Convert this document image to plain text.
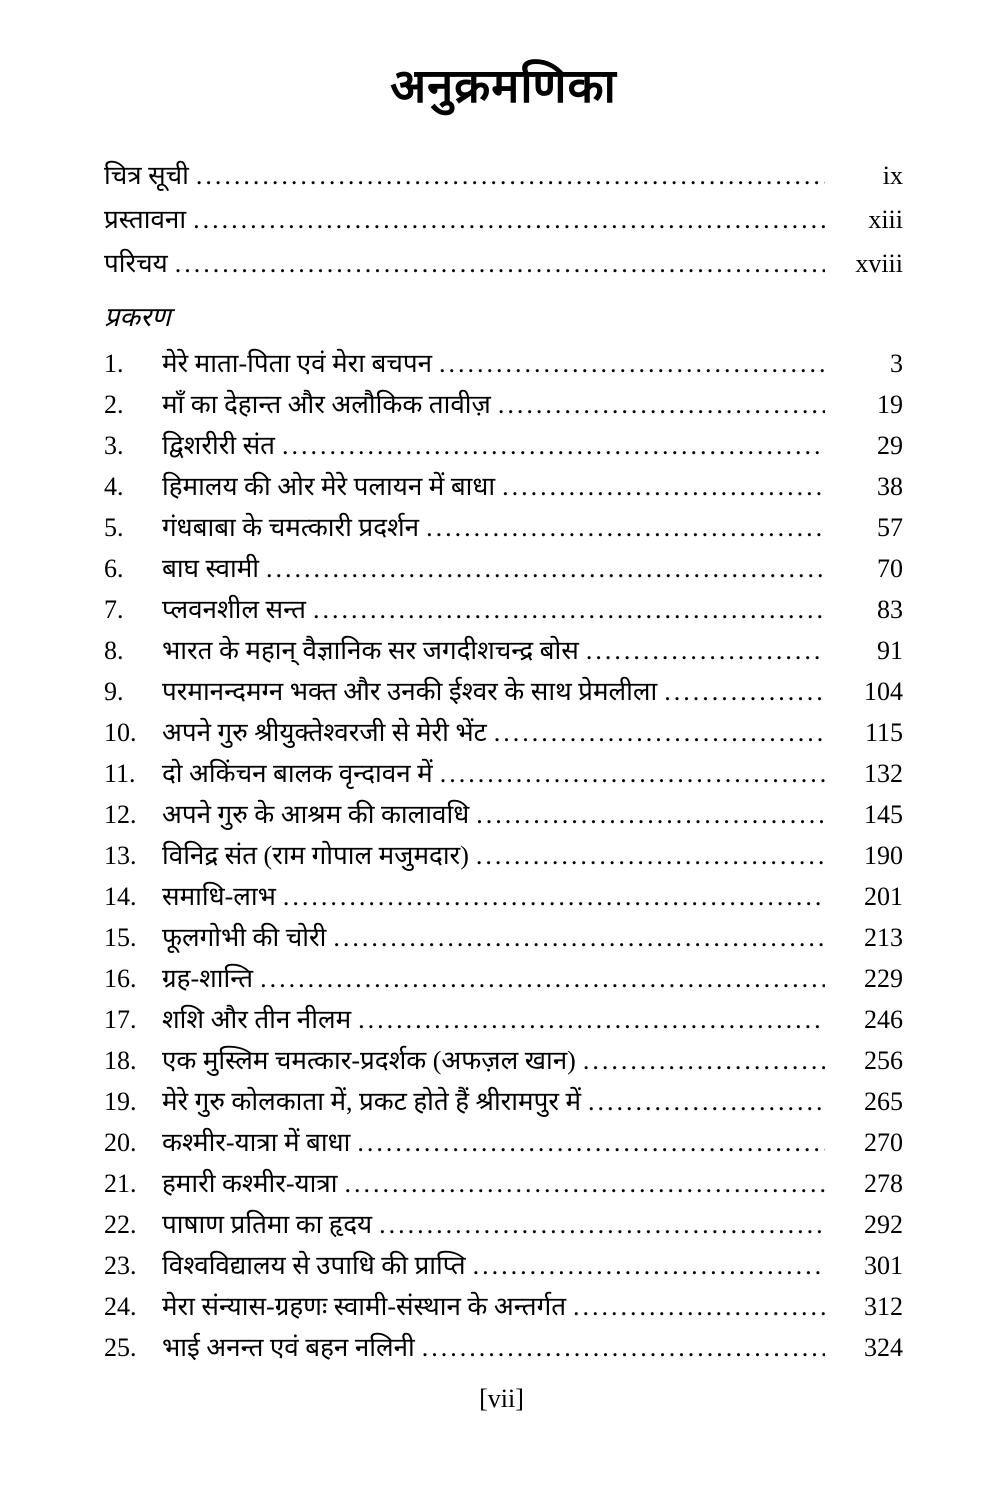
अनुक्रमणिका
चित्र सूची .....	ix
प्रस्तावना .....	xiii
परिचय .....	xviii
प्रकरण
1.	मेरे माता-पिता एवं मेरा बचपन .....	3
2.	माँ का देहान्त और अलौकिक तावीज़ .....	19
3.	द्विशरीरी संत .....	29
4.	हिमालय की ओर मेरे पलायन में बाधा .....	38
5.	गंधबाबा के चमत्कारी प्रदर्शन .....	57
6.	बाघ स्वामी .....	70
7.	प्लवनशील सन्त .....	83
8.	भारत के महान् वैज्ञानिक सर जगदीशचन्द्र बोस .....	91
9.	परमानन्दमग्न भक्त और उनकी ईश्वर के साथ प्रेमलीला .....	104
10. अपने गुरु श्रीयुक्तेश्वरजी से मेरी भेंट .....	115
11.	दो अकिंचन बालक वृन्दावन में .....	132
12. अपने गुरु के आश्रम की कालावधि .....	145
13. विनिद्र संत (राम गोपाल मजुमदार) .....	190
14. समाधि-लाभ .....	201
15. फूलगोभी की चोरी .....	213
16. ग्रह-शान्ति .....	229
17. शशि और तीन नीलम .....	246
18. एक मुस्लिम चमत्कार-प्रदर्शक (अफज़ल खान) .....	256
19. मेरे गुरु कोलकाता में, प्रकट होते हैं श्रीरामपुर में .....	265
20. कश्मीर-यात्रा में बाधा .....	270
21. हमारी कश्मीर-यात्रा .....	278
22. पाषाण प्रतिमा का हृदय .....	292
23. विश्वविद्यालय से उपाधि की प्राप्ति .....	301
24. मेरा संन्यास-ग्रहणः स्वामी-संस्थान के अन्तर्गत .....	312
25. भाई अनन्त एवं बहन नलिनी .....	324
[vii]
